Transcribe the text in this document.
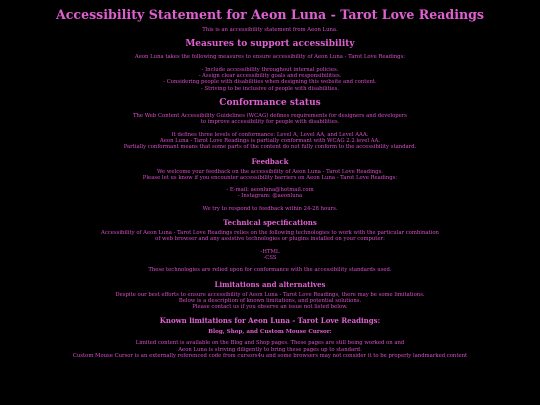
Accessibility Statement for Aeon Luna - Tarot Love Readings

This is an accessibility statement from Aeon Luna.

Measures to support accessibility

Aeon Luna takes the following measures to ensure accessibility of Aeon Luna - Tarot Love Readings:

- Include accessibility throughout internal policies.
- Assign clear accessibility goals and responsibilities.
- Considering people with disabilities when designing this website and content.
- Striving to be inclusive of people with disabilities.

Conformance status

The Web Content Accessibility Guidelines (WCAG) defines requirements for designers and developers
to improve accessibility for people with disabilities.

It defines three levels of conformance: Level A, Level AA, and Level AAA.
Aeon Luna - Tarot Love Readings is partially conformant with WCAG 2.2 level AA.
Partially conformant means that some parts of the content do not fully conform to the accessibility standard.

Feedback

We welcome your feedback on the accessibility of Aeon Luna - Tarot Love Readings.
Please let us know if you encounter accessibility barriers on Aeon Luna - Tarot Love Readings:

- E-mail: aeonluna@hotmail.com
- Instagram: @aeonluna

We try to respond to feedback within 24-28 hours.

Technical specifications

Accessibility of Aeon Luna - Tarot Love Readings relies on the following technologies to work with the particular combination
of web browser and any assistive technologies or plugins installed on your computer:

-HTML
-CSS

These technologies are relied upon for conformance with the accessibility standards used.

Limitations and alternatives

Despite our best efforts to ensure accessibility of Aeon Luna - Tarot Love Readings, there may be some limitations.
Below is a description of known limitations, and potential solutions.
Please contact us if you observe an issue not listed below.

Known limitations for Aeon Luna - Tarot Love Readings:
Blog, Shop, and Custom Mouse Cursor:

Limited content is available on the Blog and Shop pages. These pages are still being worked on and
Aeon Luna is striving diligently to bring these pages up to standard.
Custom Mouse Cursor is an externally referenced code from cursors4u and some browsers may not consider it to be properly landmarked content
